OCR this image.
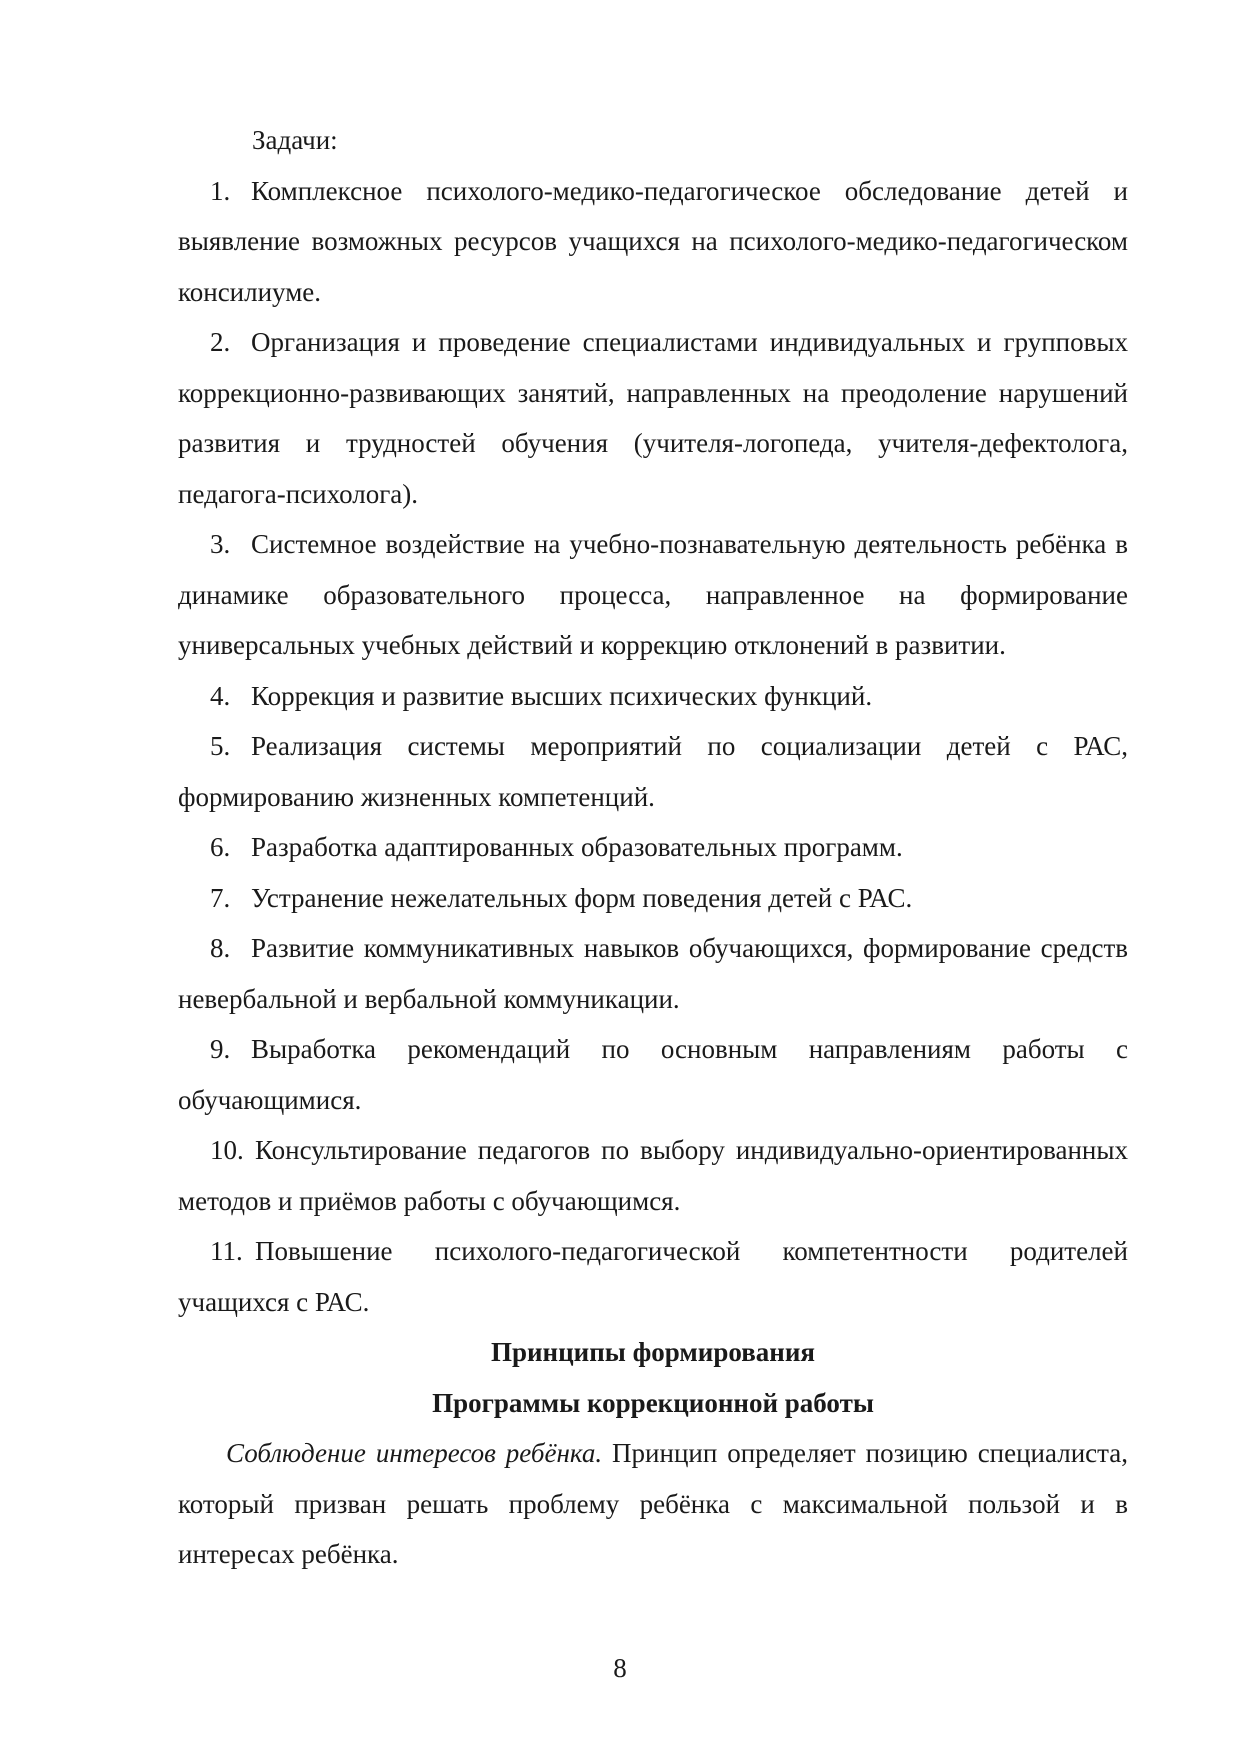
Задачи:

1. Комплексное психолого-медико-педагогическое обследование детей и выявление возможных ресурсов учащихся на психолого-медико-педагогическом консилиуме.

2. Организация и проведение специалистами индивидуальных и групповых коррекционно-развивающих занятий, направленных на преодоление нарушений развития и трудностей обучения (учителя-логопеда, учителя-дефектолога, педагога-психолога).

3. Системное воздействие на учебно-познавательную деятельность ребёнка в динамике образовательного процесса, направленное на формирование универсальных учебных действий и коррекцию отклонений в развитии.

4. Коррекция и развитие высших психических функций.

5. Реализация системы мероприятий по социализации детей с РАС, формированию жизненных компетенций.

6. Разработка адаптированных образовательных программ.

7. Устранение нежелательных форм поведения детей с РАС.

8. Развитие коммуникативных навыков обучающихся, формирование средств невербальной и вербальной коммуникации.

9. Выработка рекомендаций по основным направлениям работы с обучающимися.

10. Консультирование педагогов по выбору индивидуально-ориентированных методов и приёмов работы с обучающимся.

11. Повышение психолого-педагогической компетентности родителей учащихся с РАС.

Принципы формирования

Программы коррекционной работы

Соблюдение интересов ребёнка. Принцип определяет позицию специалиста, который призван решать проблему ребёнка с максимальной пользой и в интересах ребёнка.

8
